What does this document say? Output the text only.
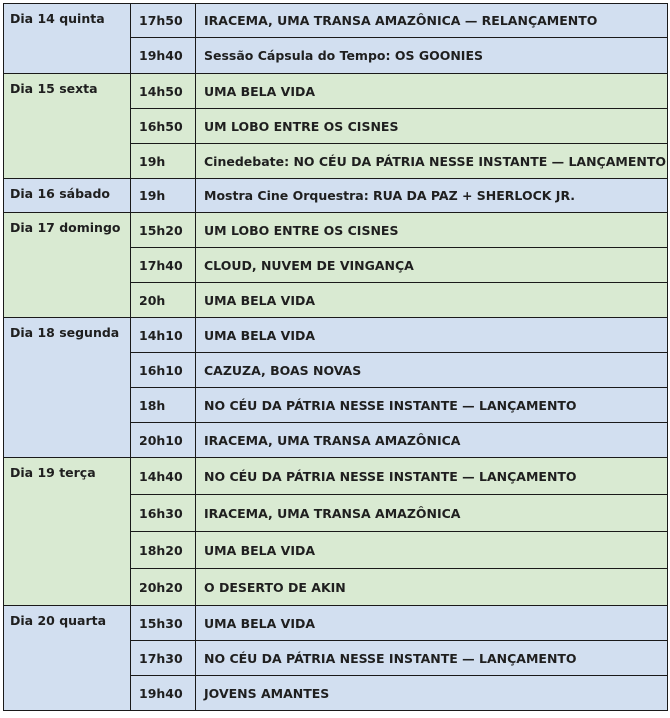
Dia 14 quinta	17h50	IRACEMA, UMA TRANSA AMAZÔNICA — RELANÇAMENTO
	19h40	Sessão Cápsula do Tempo: OS GOONIES
Dia 15 sexta	14h50	UMA BELA VIDA
	16h50	UM LOBO ENTRE OS CISNES
	19h	Cinedebate: NO CÉU DA PÁTRIA NESSE INSTANTE — LANÇAMENTO
Dia 16 sábado	19h	Mostra Cine Orquestra: RUA DA PAZ + SHERLOCK JR.
Dia 17 domingo	15h20	UM LOBO ENTRE OS CISNES
	17h40	CLOUD, NUVEM DE VINGANÇA
	20h	UMA BELA VIDA
Dia 18 segunda	14h10	UMA BELA VIDA
	16h10	CAZUZA, BOAS NOVAS
	18h	NO CÉU DA PÁTRIA NESSE INSTANTE — LANÇAMENTO
	20h10	IRACEMA, UMA TRANSA AMAZÔNICA
Dia 19 terça	14h40	NO CÉU DA PÁTRIA NESSE INSTANTE — LANÇAMENTO
	16h30	IRACEMA, UMA TRANSA AMAZÔNICA
	18h20	UMA BELA VIDA
	20h20	O DESERTO DE AKIN
Dia 20 quarta	15h30	UMA BELA VIDA
	17h30	NO CÉU DA PÁTRIA NESSE INSTANTE — LANÇAMENTO
	19h40	JOVENS AMANTES
